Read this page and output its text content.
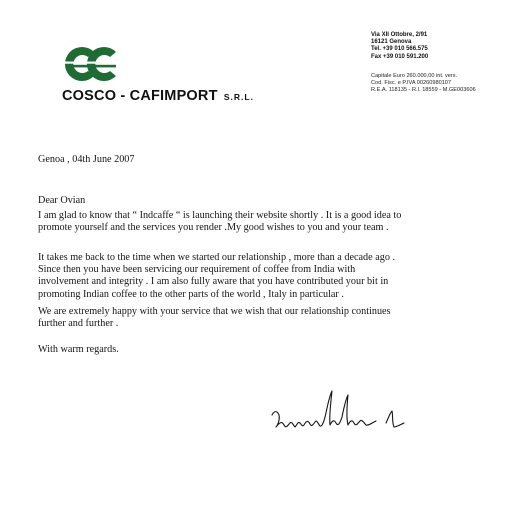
COSCO - CAFIMPORT S.R.L.
Via XII Ottobre, 2/91
16121 Genova
Tel. +39 010 566.575
Fax +39 010 591.200
Capitale Euro 260.000,00 int. vers.
Cod. Fisc. e P.IVA 00260980107
R.E.A. 118135 - R.I. 18559 - M.GE003606
Genoa , 04th June 2007
Dear Ovian
I am glad to know that “ Indcaffe “ is launching their website shortly . It is a good idea to
promote yourself and the services you render .My good wishes to you and your team .
It takes me back to the time when we started our relationship , more than a decade ago .
Since then you have been servicing our requirement of coffee from India with
involvement and integrity . I am also fully aware that you have contributed your bit in
promoting Indian coffee to the other parts of the world , Italy in particular .
We are extremely happy with your service that we wish that our relationship continues
further and further .
With warm regards.
